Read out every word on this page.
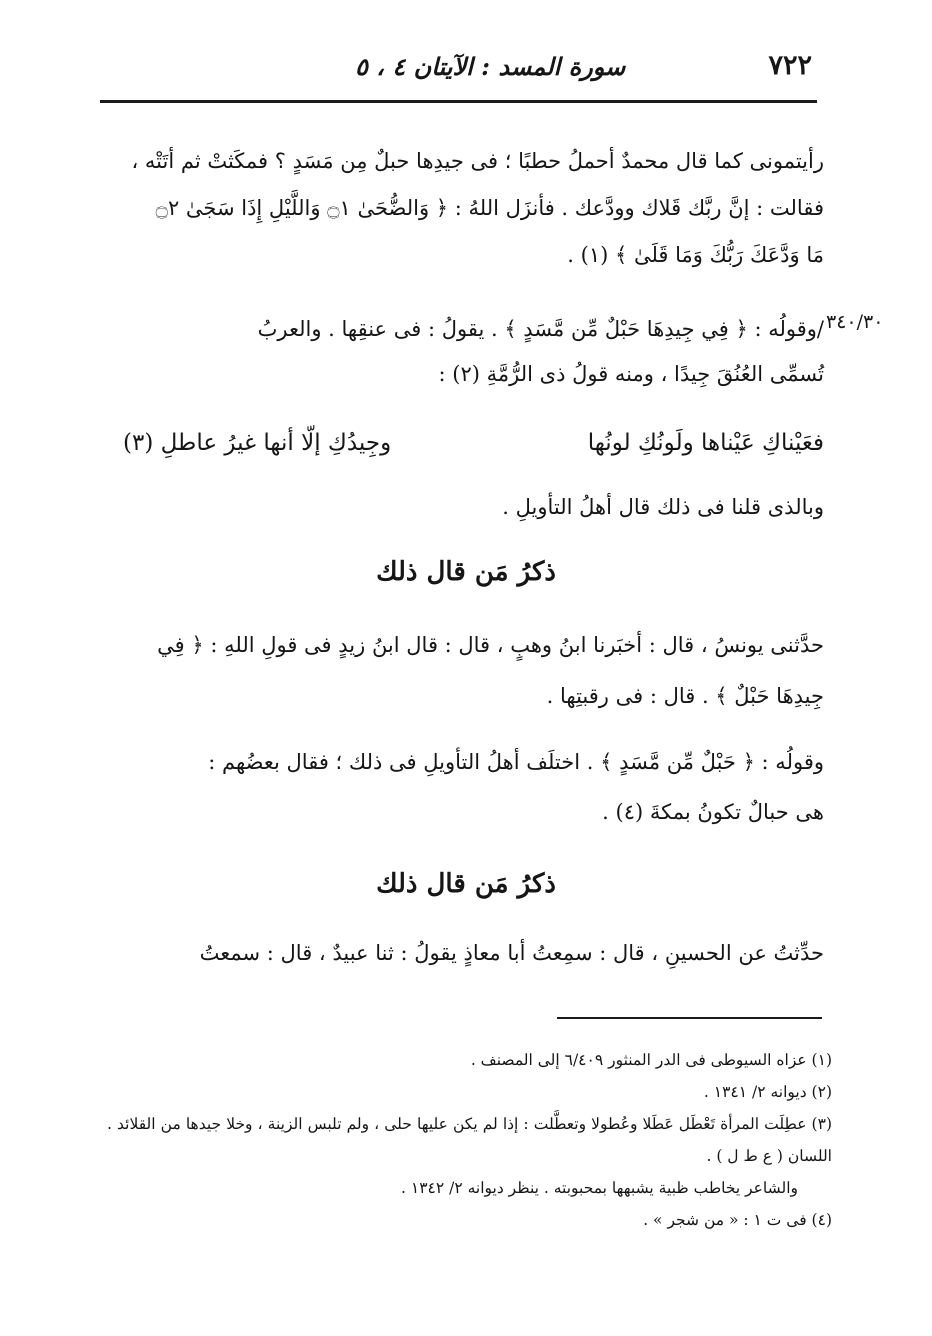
٧٢٢
سورة المسد : الآيتان ٤ ، ٥
رأيتمونى كما قال محمدٌ أحملُ حطبًا ؛ فى جيدِها حبلٌ مِن مَسَدٍ ؟ فمكَثتْ ثم أتَتْه ،
فقالت : إنَّ ربَّك قَلاك وودَّعك . فأنزَل اللهُ : ﴿ وَالضُّحَىٰ ۝١ وَاللَّيْلِ إِذَا سَجَىٰ ۝٢
مَا وَدَّعَكَ رَبُّكَ وَمَا قَلَىٰ ﴾ (١) .
٣٤٠/٣٠
/وقولُه : ﴿ فِي جِيدِهَا حَبْلٌ مِّن مَّسَدٍ ﴾ . يقولُ : فى عنقِها . والعربُ
تُسمِّى العُنُقَ جِيدًا ، ومنه قولُ ذى الرُّمَّةِ (٢) :
فعَيْناكِ عَيْناها ولَونُكِ لونُها
وجِيدُكِ إلّا أنها غيرُ عاطلِ (٣)
وبالذى قلنا فى ذلك قال أهلُ التأويلِ .
ذكرُ مَن قال ذلك
حدَّثنى يونسُ ، قال : أخبَرنا ابنُ وهبٍ ، قال : قال ابنُ زيدٍ فى قولِ اللهِ : ﴿ فِي
جِيدِهَا حَبْلٌ ﴾ . قال : فى رقبتِها .
وقولُه : ﴿ حَبْلٌ مِّن مَّسَدٍ ﴾ . اختلَف أهلُ التأويلِ فى ذلك ؛ فقال بعضُهم :
هى حبالٌ تكونُ بمكةَ (٤) .
ذكرُ مَن قال ذلك
حدِّثتُ عن الحسينِ ، قال : سمِعتُ أبا معاذٍ يقولُ : ثنا عبيدٌ ، قال : سمعتُ

(١) عزاه السيوطى فى الدر المنثور ٦/٤٠٩ إلى المصنف .

(٢) ديوانه ٢/ ١٣٤١ .

(٣) عطِلَت المرأة تَعْطَل عَطَلا وعُطولا وتعطَّلت : إذا لم يكن عليها حلى ، ولم تلبس الزينة ، وخلا جيدها من القلائد . اللسان ( ع ط ل ) .

والشاعر يخاطب ظبية يشبهها بمحبوبته . ينظر ديوانه ٢/ ١٣٤٢ .

(٤) فى ت ١ : « من شجر » .
